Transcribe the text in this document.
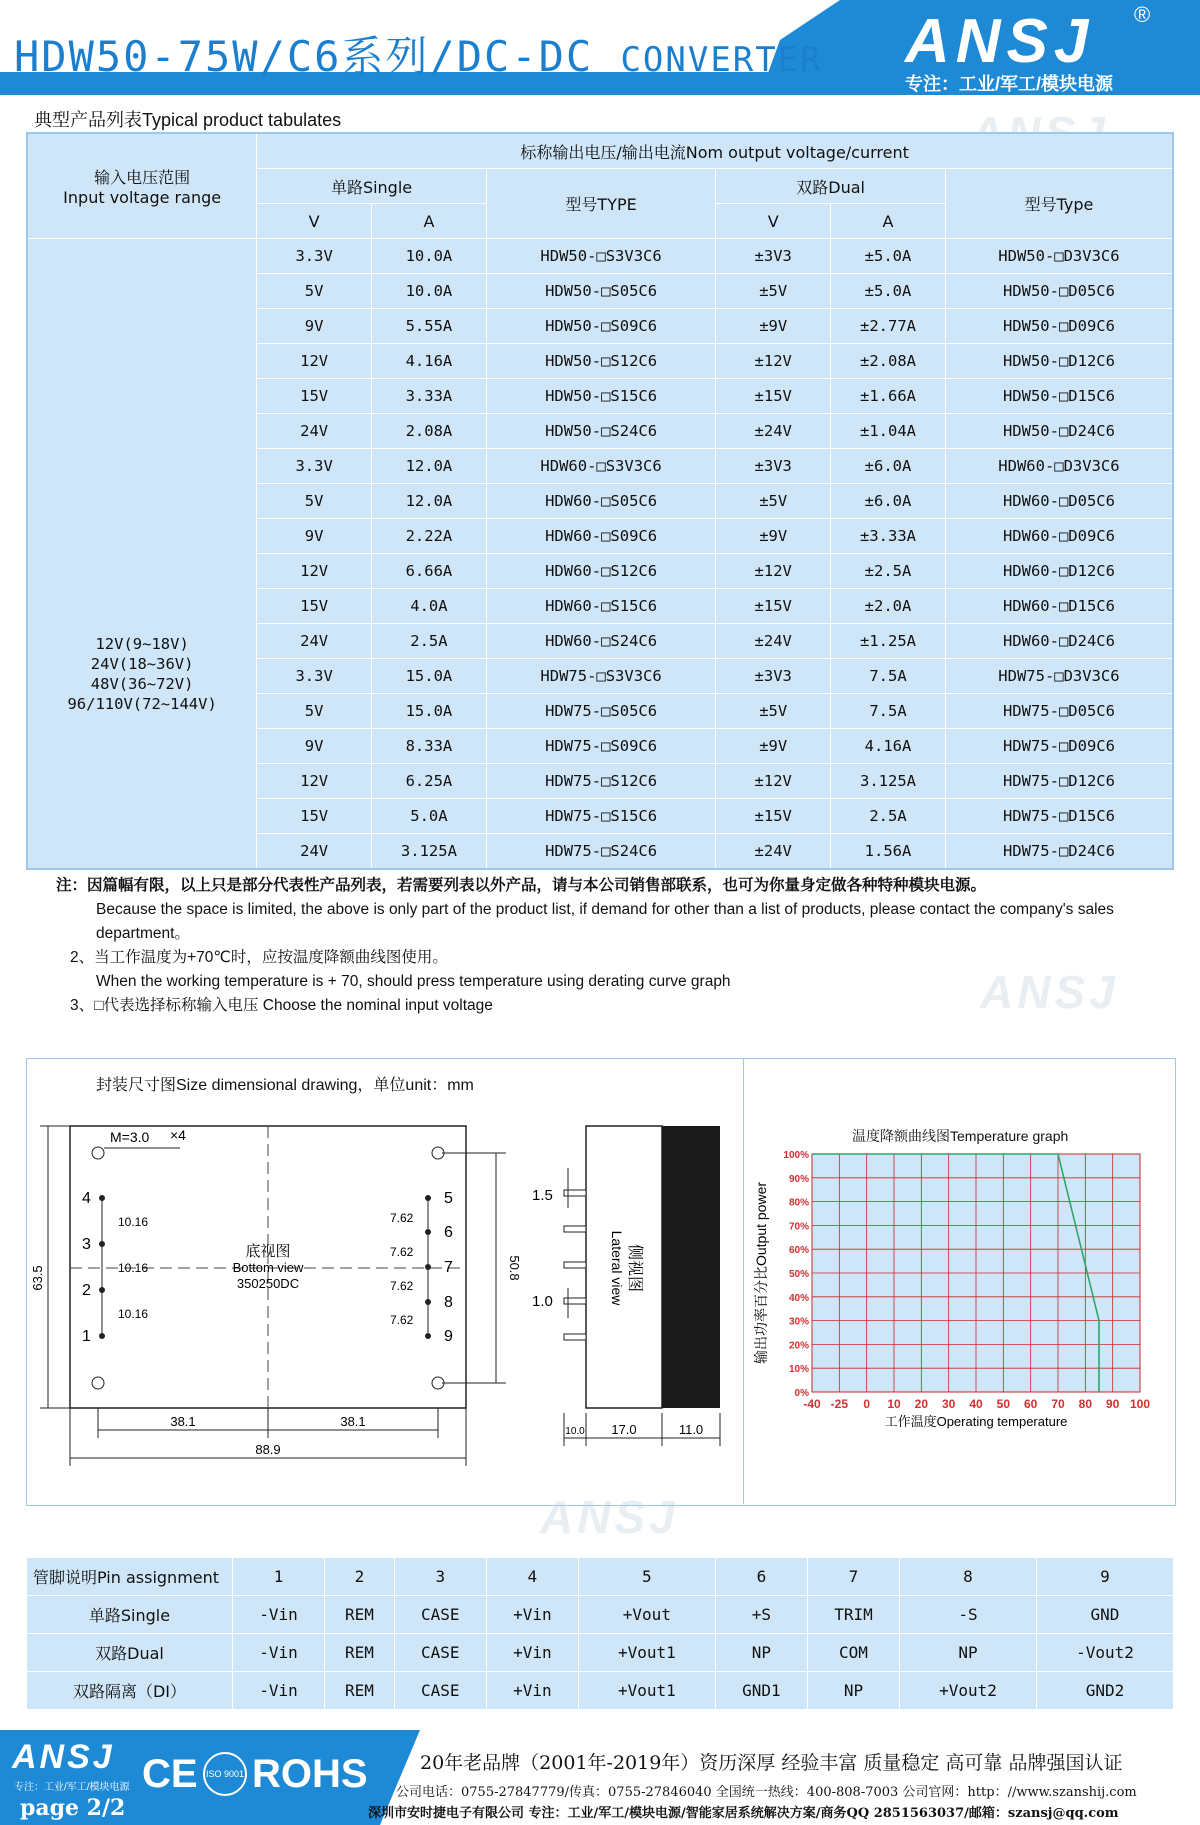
HDW50-75W/C6系列/DC-DC CONVERTER ANSJ ®
专注：工业/军工/模块电源
ANSJ
ANSJ
典型产品列表Typical product tabulates
输入电压范围
Input voltage range	标称输出电压/输出电流Nom output voltage/current					
	单路Single		型号TYPE	双路Dual		型号Type
	V	A		V	A	

12V(9~18V)
24V(18~36V)
48V(36~72V)
96/110V(72~144V)	3.3V	10.0A	HDW50-□S3V3C6	±3V3	±5.0A	HDW50-□D3V3C6
	5V	10.0A	HDW50-□S05C6	±5V	±5.0A	HDW50-□D05C6
	9V	5.55A	HDW50-□S09C6	±9V	±2.77A	HDW50-□D09C6
	12V	4.16A	HDW50-□S12C6	±12V	±2.08A	HDW50-□D12C6
	15V	3.33A	HDW50-□S15C6	±15V	±1.66A	HDW50-□D15C6
	24V	2.08A	HDW50-□S24C6	±24V	±1.04A	HDW50-□D24C6
	3.3V	12.0A	HDW60-□S3V3C6	±3V3	±6.0A	HDW60-□D3V3C6
	5V	12.0A	HDW60-□S05C6	±5V	±6.0A	HDW60-□D05C6
	9V	2.22A	HDW60-□S09C6	±9V	±3.33A	HDW60-□D09C6
	12V	6.66A	HDW60-□S12C6	±12V	±2.5A	HDW60-□D12C6
	15V	4.0A	HDW60-□S15C6	±15V	±2.0A	HDW60-□D15C6
	24V	2.5A	HDW60-□S24C6	±24V	±1.25A	HDW60-□D24C6
	3.3V	15.0A	HDW75-□S3V3C6	±3V3	7.5A	HDW75-□D3V3C6
	5V	15.0A	HDW75-□S05C6	±5V	7.5A	HDW75-□D05C6
	9V	8.33A	HDW75-□S09C6	±9V	4.16A	HDW75-□D09C6
	12V	6.25A	HDW75-□S12C6	±12V	3.125A	HDW75-□D12C6
	15V	5.0A	HDW75-□S15C6	±15V	2.5A	HDW75-□D15C6
	24V	3.125A	HDW75-□S24C6	±24V	1.56A	HDW75-□D24C6
注：因篇幅有限，以上只是部分代表性产品列表，若需要列表以外产品，请与本公司销售部联系，也可为你量身定做各种特种模块电源。
Because the space is limited, the above is only part of the product list, if demand for other than a list of products, please contact the company's sales department。
2、当工作温度为+70℃时，应按温度降额曲线图使用。
When the working temperature is + 70, should press temperature using derating curve graph
3、□代表选择标称输入电压 Choose the nominal input voltage
封装尺寸图Size dimensional drawing，单位unit：mm
M=3.0 ×4
4
3
2
1
10.16
10.16
10.16
5
6
7
8
9
7.62
7.62
7.62
7.62
底视图
Bottom view
350250DC
63.5	50.8
38.1	38.1
88.9
1.5
1.0
侧视图
Lateral view
10.0 17.0	11.0
温度降额曲线图Temperature graph
-40 -25 0 10 20 30 40 50 60 70 80 90 100
0%
10%
20%
30%
40%
50%
60%
70%
80%
90%
100%
工作温度Operating temperature
输出功率百分比Output power
管脚说明Pin assignment	1	2	3	4	5	6	7	8	9
单路Single	-Vin	REM	CASE	+Vin	+Vout	+S	TRIM	-S	GND
双路Dual	-Vin	REM	CASE	+Vin	+Vout1	NP	COM	NP	-Vout2
双路隔离（DI）	-Vin	REM	CASE	+Vin	+Vout1	GND1	NP	+Vout2	GND2
ANSJ
专注：工业/军工/模块电源
page 2/2
CE ISO 9001 ROHS	20年老品牌（2001年-2019年）资历深厚 经验丰富 质量稳定 高可靠 品牌强国认证
公司电话：0755-27847779/传真：0755-27846040 全国统一热线：400-808-7003 公司官网：http：//www.szanshij.com
深圳市安时捷电子有限公司 专注：工业/军工/模块电源/智能家居系统解决方案/商务QQ 2851563037/邮箱：szansj@qq.com
